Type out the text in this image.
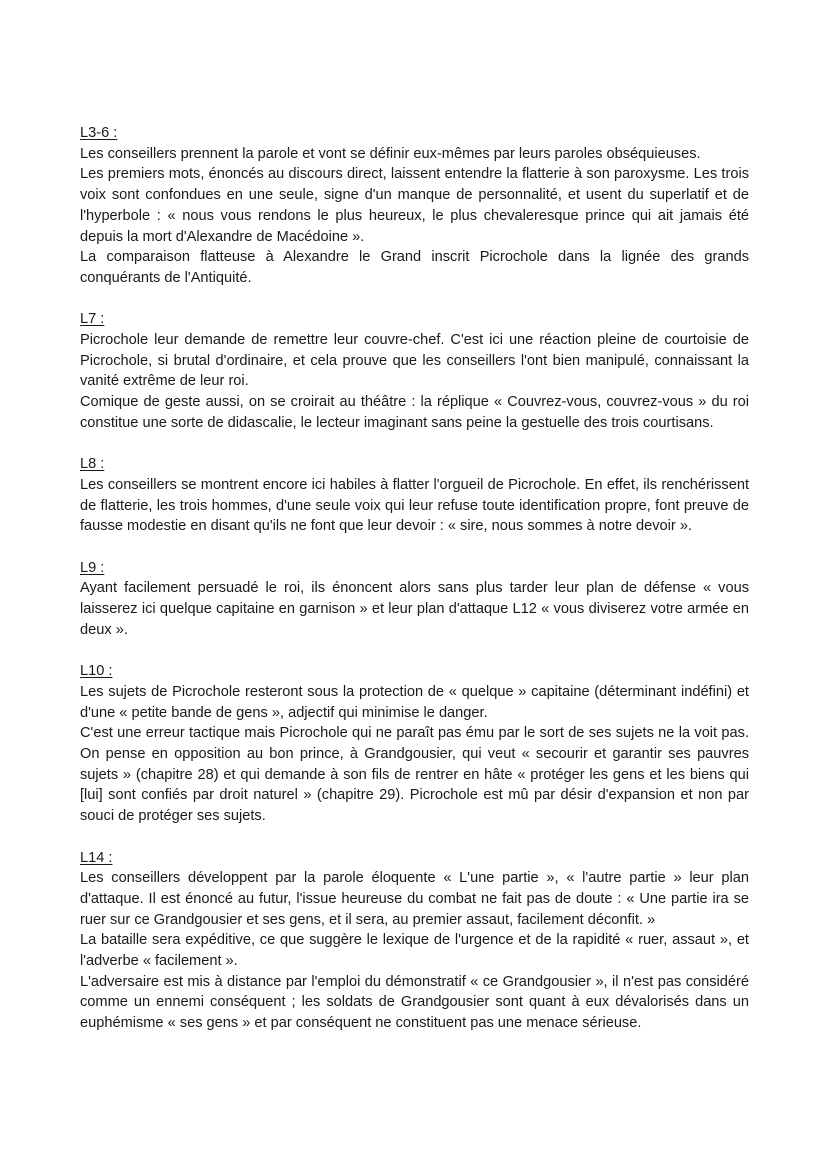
L3-6 :

Les conseillers prennent la parole et vont se définir eux-mêmes par leurs paroles obséquieuses.

Les premiers mots, énoncés au discours direct, laissent entendre la flatterie à son paroxysme. Les trois voix sont confondues en une seule, signe d'un manque de personnalité, et usent du superlatif et de l'hyperbole : « nous vous rendons le plus heureux, le plus chevaleresque prince qui ait jamais été depuis la mort d'Alexandre de Macédoine ».

La comparaison flatteuse à Alexandre le Grand inscrit Picrochole dans la lignée des grands conquérants de l'Antiquité.

L7 :

Picrochole leur demande de remettre leur couvre-chef. C'est ici une réaction pleine de courtoisie de Picrochole, si brutal d'ordinaire, et cela prouve que les conseillers l'ont bien manipulé, connaissant la vanité extrême de leur roi.

Comique de geste aussi, on se croirait au théâtre : la réplique « Couvrez-vous, couvrez-vous » du roi constitue une sorte de didascalie, le lecteur imaginant sans peine la gestuelle des trois courtisans.

L8 :

Les conseillers se montrent encore ici habiles à flatter l'orgueil de Picrochole. En effet, ils renchérissent de flatterie, les trois hommes, d'une seule voix qui leur refuse toute identification propre, font preuve de fausse modestie en disant qu'ils ne font que leur devoir : « sire, nous sommes à notre devoir ».

L9 :

Ayant facilement persuadé le roi, ils énoncent alors sans plus tarder leur plan de défense « vous laisserez ici quelque capitaine en garnison » et leur plan d'attaque L12 « vous diviserez votre armée en deux ».

L10 :

Les sujets de Picrochole resteront sous la protection de « quelque » capitaine (déterminant indéfini) et d'une « petite bande de gens », adjectif qui minimise le danger.

C'est une erreur tactique mais Picrochole qui ne paraît pas ému par le sort de ses sujets ne la voit pas. On pense en opposition au bon prince, à Grandgousier, qui veut « secourir et garantir ses pauvres sujets » (chapitre 28) et qui demande à son fils de rentrer en hâte « protéger les gens et les biens qui [lui] sont confiés par droit naturel » (chapitre 29). Picrochole est mû par désir d'expansion et non par souci de protéger ses sujets.

L14 :

Les conseillers développent par la parole éloquente « L'une partie », « l'autre partie » leur plan d'attaque. Il est énoncé au futur, l'issue heureuse du combat ne fait pas de doute : « Une partie ira se ruer sur ce Grandgousier et ses gens, et il sera, au premier assaut, facilement déconfit. »

La bataille sera expéditive, ce que suggère le lexique de l'urgence et de la rapidité « ruer, assaut », et l'adverbe « facilement ».

L'adversaire est mis à distance par l'emploi du démonstratif « ce Grandgousier », il n'est pas considéré comme un ennemi conséquent ; les soldats de Grandgousier sont quant à eux dévalorisés dans un euphémisme « ses gens » et par conséquent ne constituent pas une menace sérieuse.
